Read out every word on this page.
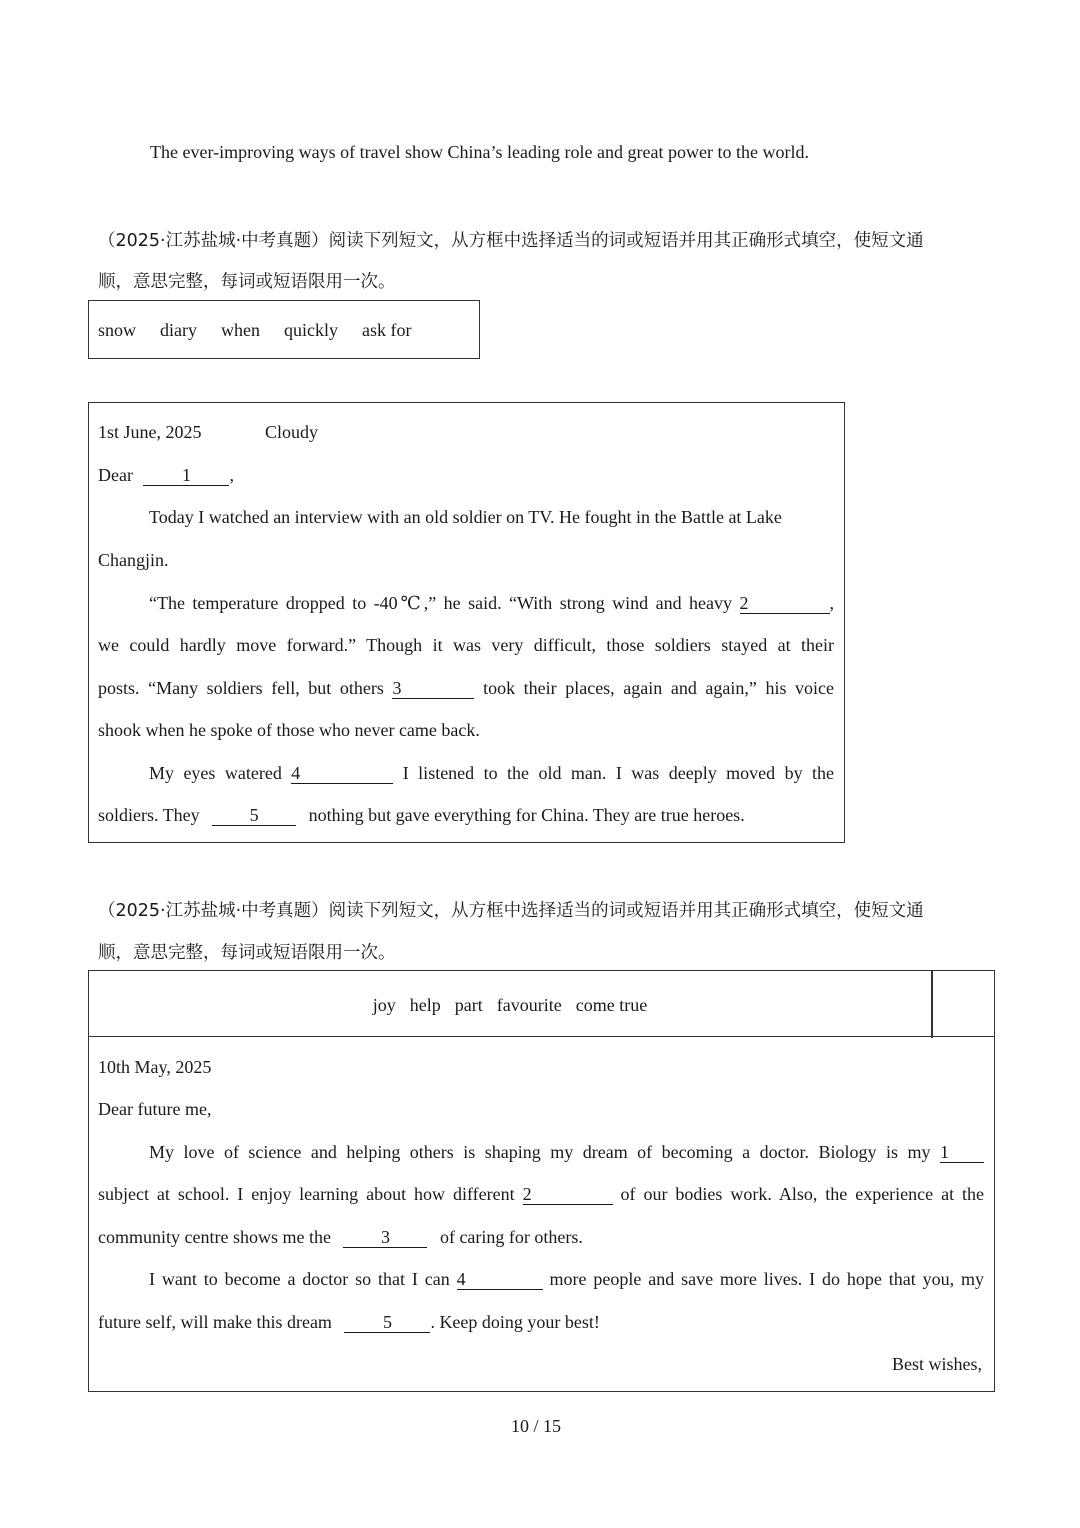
The ever-improving ways of travel show China’s leading role and great power to the world.
（2025·江苏盐城·中考真题）阅读下列短文，从方框中选择适当的词或短语并用其正确形式填空，使短文通
顺，意思完整，每词或短语限用一次。
snow diary when quickly ask for
1st June, 2025	Cloudy
Dear	1 ,
Today I watched an interview with an old soldier on TV. He fought in the Battle at Lake
Changjin.
“The temperature dropped to -40℃,” he said. “With strong wind and heavy 2	,
we could hardly move forward.” Though it was very difficult, those soldiers stayed at their
posts. “Many soldiers fell, but others 3	took their places, again and again,” his voice
shook when he spoke of those who never came back.
My eyes watered 4	I listened to the old man. I was deeply moved by the
soldiers. They	5	nothing but gave everything for China. They are true heroes.
（2025·江苏盐城·中考真题）阅读下列短文，从方框中选择适当的词或短语并用其正确形式填空，使短文通
顺，意思完整，每词或短语限用一次。
joy help part favourite come true
10th May, 2025
Dear future me,
My love of science and helping others is shaping my dream of becoming a doctor. Biology is my 1
subject at school. I enjoy learning about how different 2	of our bodies work. Also, the experience at the
community centre shows me the	3	of caring for others.
I want to become a doctor so that I can 4	more people and save more lives. I do hope that you, my
future self, will make this dream	5 . Keep doing your best!
Best wishes,
10 / 15
